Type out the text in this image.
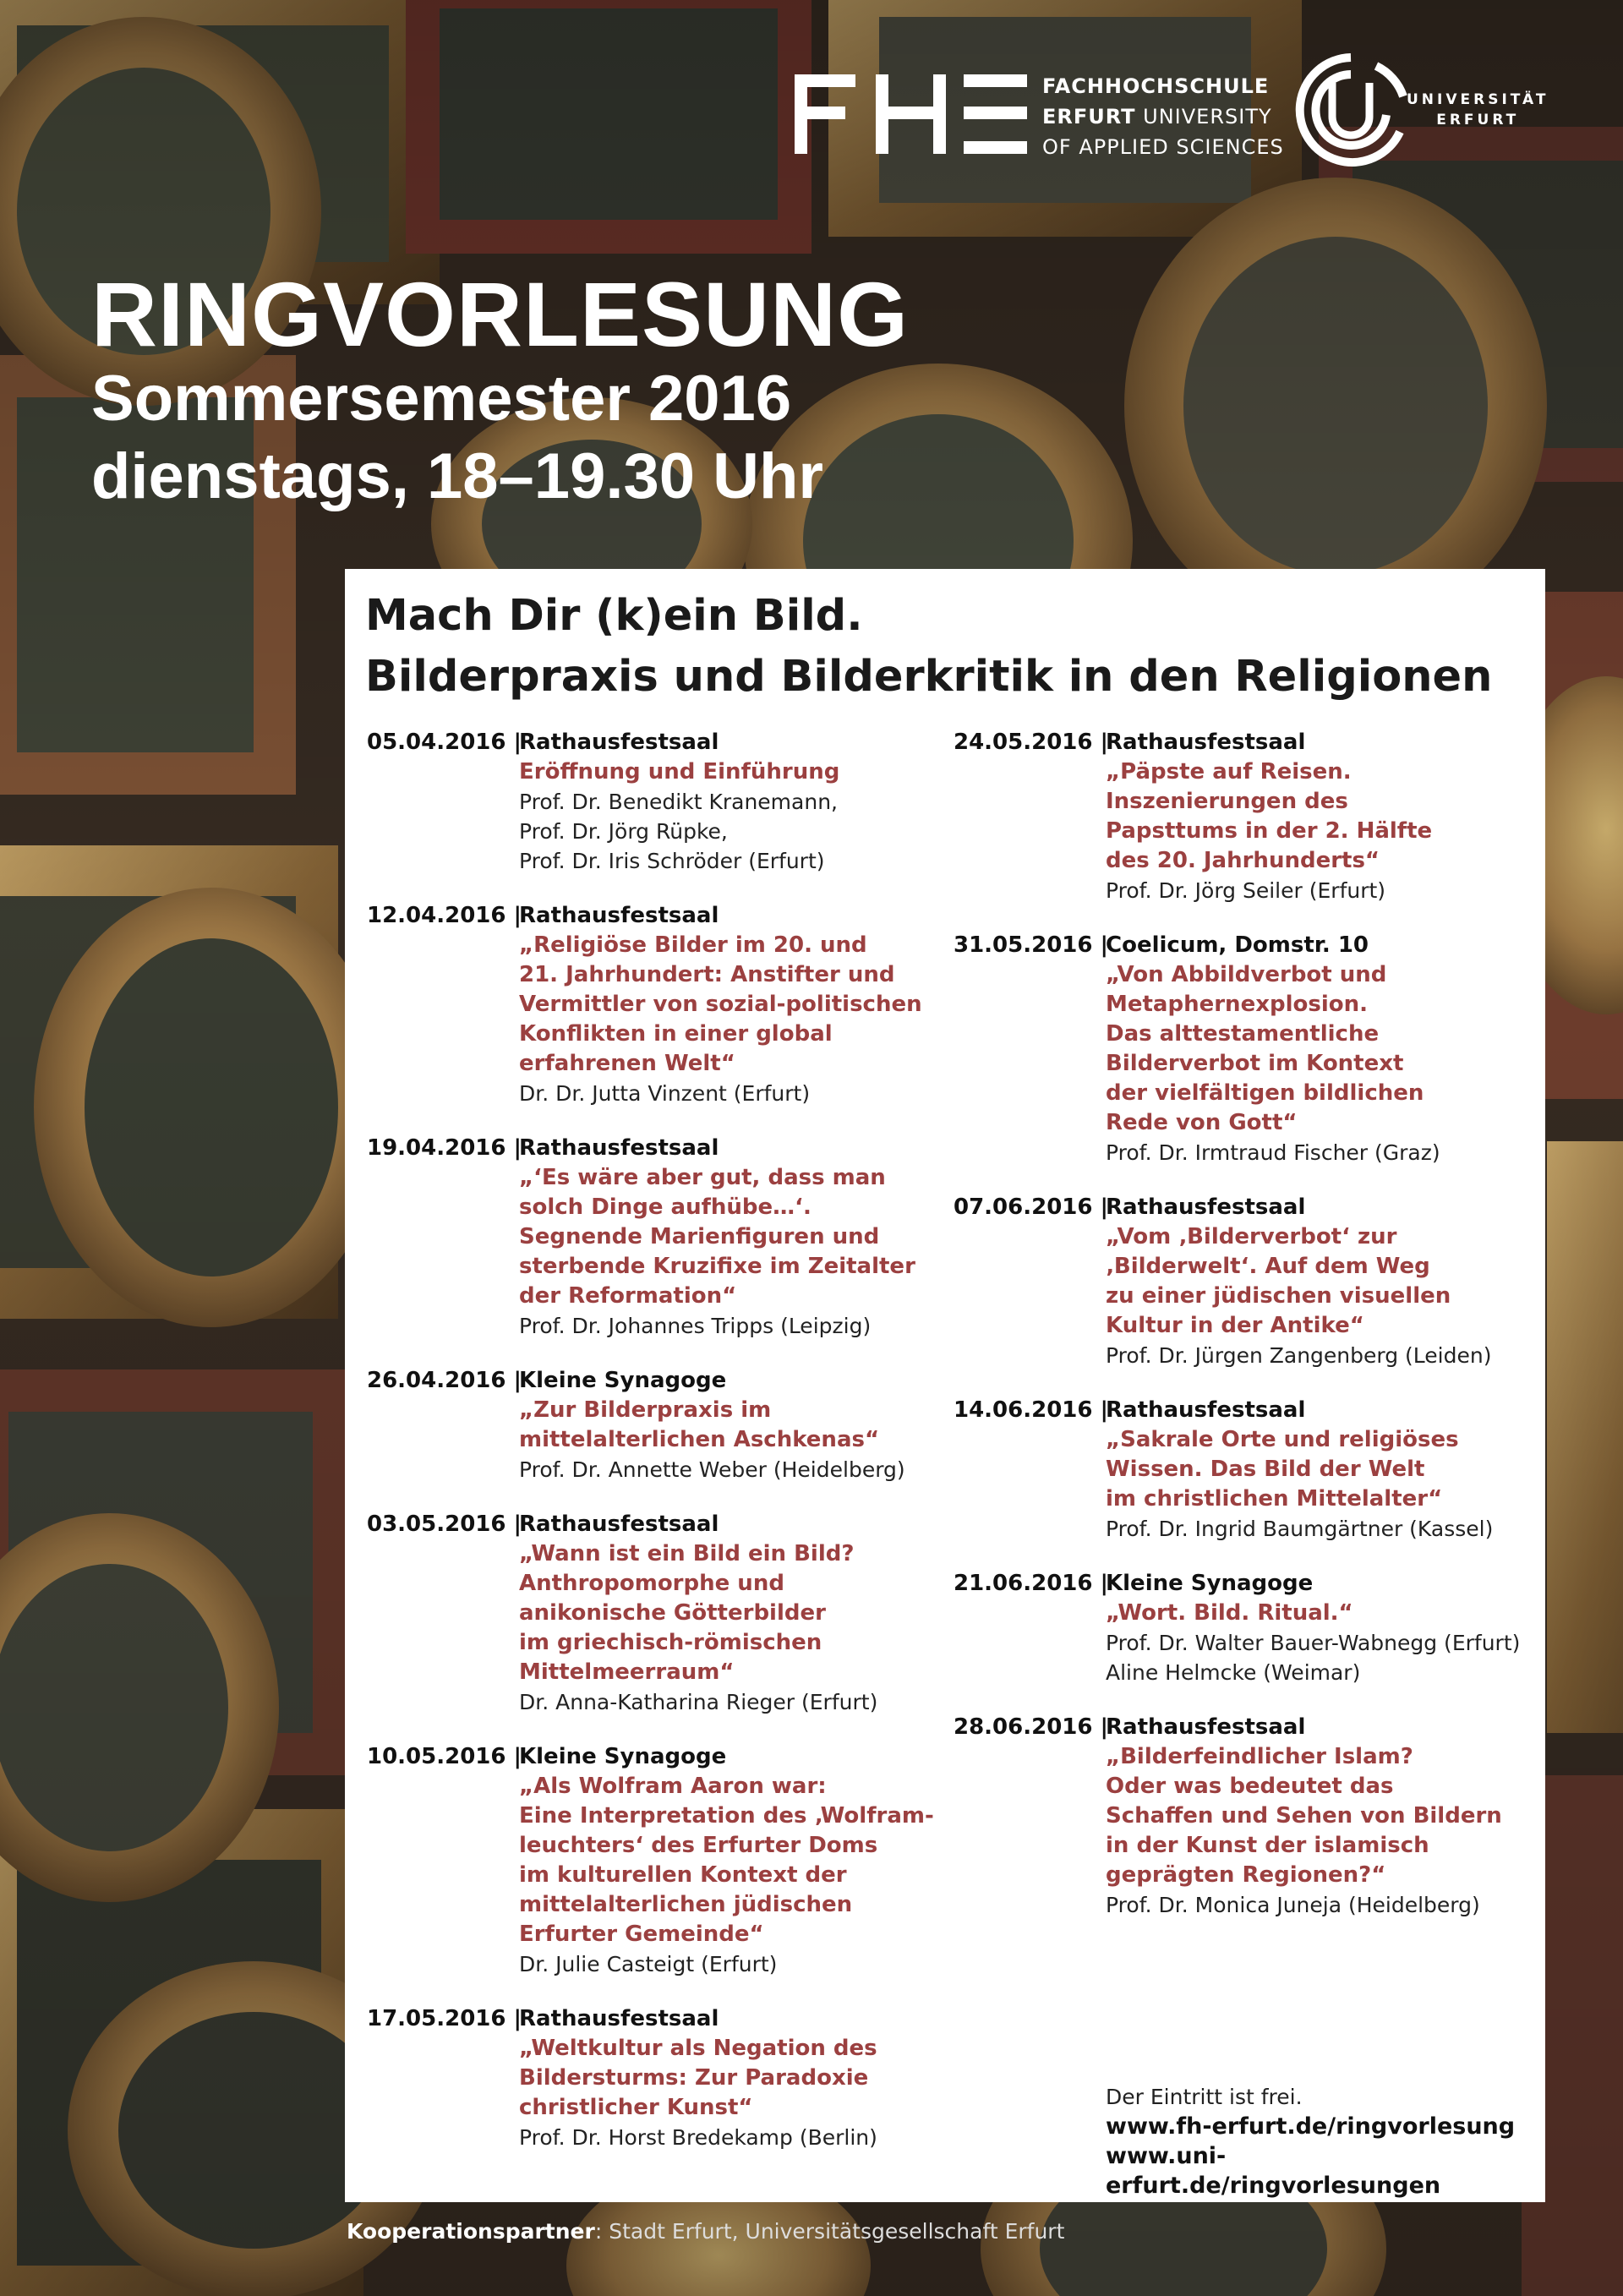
FACHHOCHSCHULE
ERFURT UNIVERSITY
OF APPLIED SCIENCES
UNIVERSITÄT
ERFURT
RINGVORLESUNG
Sommersemester 2016
dienstags, 18–19.30 Uhr
Mach Dir (k)ein Bild.
Bilderpraxis und Bilderkritik in den Religionen
05.04.2016 |
Rathausfestsaal
Eröffnung und Einführung
Prof. Dr. Benedikt Kranemann,
Prof. Dr. Jörg Rüpke,
Prof. Dr. Iris Schröder (Erfurt)
12.04.2016 |
Rathausfestsaal
„Religiöse Bilder im 20. und
21. Jahrhundert: Anstifter und
Vermittler von sozial-politischen
Konflikten in einer global
erfahrenen Welt“
Dr. Dr. Jutta Vinzent (Erfurt)
19.04.2016 |
Rathausfestsaal
„‘Es wäre aber gut, dass man
solch Dinge aufhübe…‘.
Segnende Marienfiguren und
sterbende Kruzifixe im Zeitalter
der Reformation“
Prof. Dr. Johannes Tripps (Leipzig)
26.04.2016 |
Kleine Synagoge
„Zur Bilderpraxis im
mittelalterlichen Aschkenas“
Prof. Dr. Annette Weber (Heidelberg)
03.05.2016 |
Rathausfestsaal
„Wann ist ein Bild ein Bild?
Anthropomorphe und
anikonische Götterbilder
im griechisch-römischen
Mittelmeerraum“
Dr. Anna-Katharina Rieger (Erfurt)
10.05.2016 |
Kleine Synagoge
„Als Wolfram Aaron war:
Eine Interpretation des ‚Wolfram-
leuchters‘ des Erfurter Doms
im kulturellen Kontext der
mittelalterlichen jüdischen
Erfurter Gemeinde“
Dr. Julie Casteigt (Erfurt)
17.05.2016 |
Rathausfestsaal
„Weltkultur als Negation des
Bildersturms: Zur Paradoxie
christlicher Kunst“
Prof. Dr. Horst Bredekamp (Berlin)
24.05.2016 |
Rathausfestsaal
„Päpste auf Reisen.
Inszenierungen des
Papsttums in der 2. Hälfte
des 20. Jahrhunderts“
Prof. Dr. Jörg Seiler (Erfurt)
31.05.2016 |
Coelicum, Domstr. 10
„Von Abbildverbot und
Metaphernexplosion.
Das alttestamentliche
Bilderverbot im Kontext
der vielfältigen bildlichen
Rede von Gott“
Prof. Dr. Irmtraud Fischer (Graz)
07.06.2016 |
Rathausfestsaal
„Vom ‚Bilderverbot‘ zur
‚Bilderwelt‘. Auf dem Weg
zu einer jüdischen visuellen
Kultur in der Antike“
Prof. Dr. Jürgen Zangenberg (Leiden)
14.06.2016 |
Rathausfestsaal
„Sakrale Orte und religiöses
Wissen. Das Bild der Welt
im christlichen Mittelalter“
Prof. Dr. Ingrid Baumgärtner (Kassel)
21.06.2016 |
Kleine Synagoge
„Wort. Bild. Ritual.“
Prof. Dr. Walter Bauer-Wabnegg (Erfurt)
Aline Helmcke (Weimar)
28.06.2016 |
Rathausfestsaal
„Bilderfeindlicher Islam?
Oder was bedeutet das
Schaffen und Sehen von Bildern
in der Kunst der islamisch
geprägten Regionen?“
Prof. Dr. Monica Juneja (Heidelberg)
Der Eintritt ist frei.
www.fh-erfurt.de/ringvorlesung
www.uni-erfurt.de/ringvorlesungen
Kooperationspartner: Stadt Erfurt, Universitätsgesellschaft Erfurt
